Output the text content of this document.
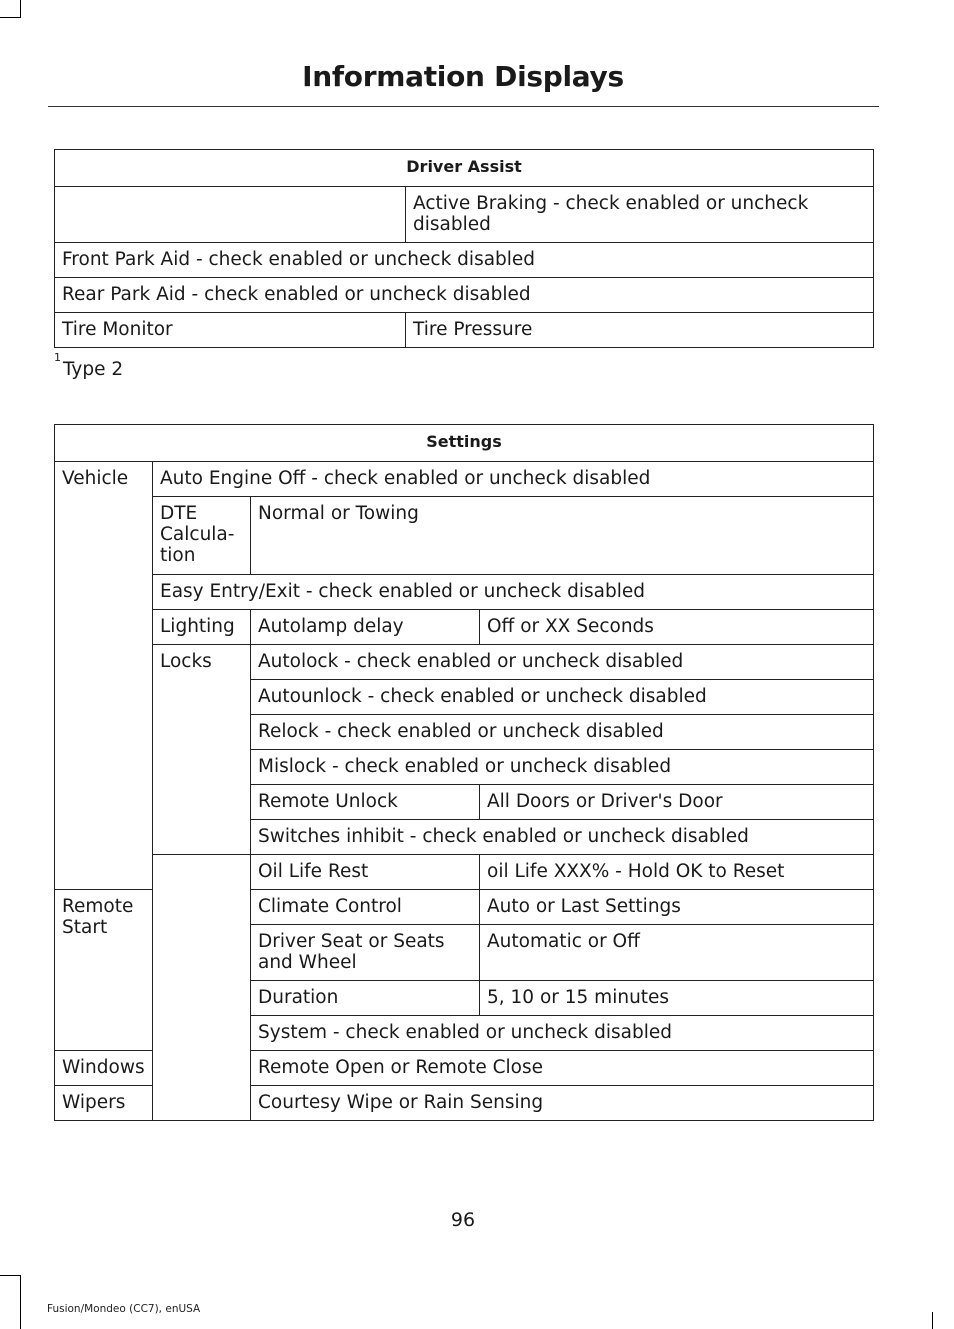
Information Displays
Driver Assist	
	Active Braking - check enabled or uncheck disabled
Front Park Aid - check enabled or uncheck disabled	
Rear Park Aid - check enabled or uncheck disabled	
Tire Monitor	Tire Pressure
$^1$Type 2
Settings			
Vehicle	Auto Engine Off - check enabled or uncheck disabled		
	DTE Calcula-tion	Normal or Towing	
	Easy Entry/Exit - check enabled or uncheck disabled		
	Lighting	Autolamp delay	Off or XX Seconds
	Locks	Autolock - check enabled or uncheck disabled	
		Autounlock - check enabled or uncheck disabled	
		Relock - check enabled or uncheck disabled	
		Mislock - check enabled or uncheck disabled	
		Remote Unlock	All Doors or Driver's Door
		Switches inhibit - check enabled or uncheck disabled	
		Oil Life Rest	oil Life XXX% - Hold OK to Reset
Remote Start		Climate Control	Auto or Last Settings
		Driver Seat or Seats and Wheel	Automatic or Off
		Duration	5, 10 or 15 minutes
		System - check enabled or uncheck disabled	
Windows		Remote Open or Remote Close	
Wipers		Courtesy Wipe or Rain Sensing	
96
Fusion/Mondeo (CC7), enUSA
